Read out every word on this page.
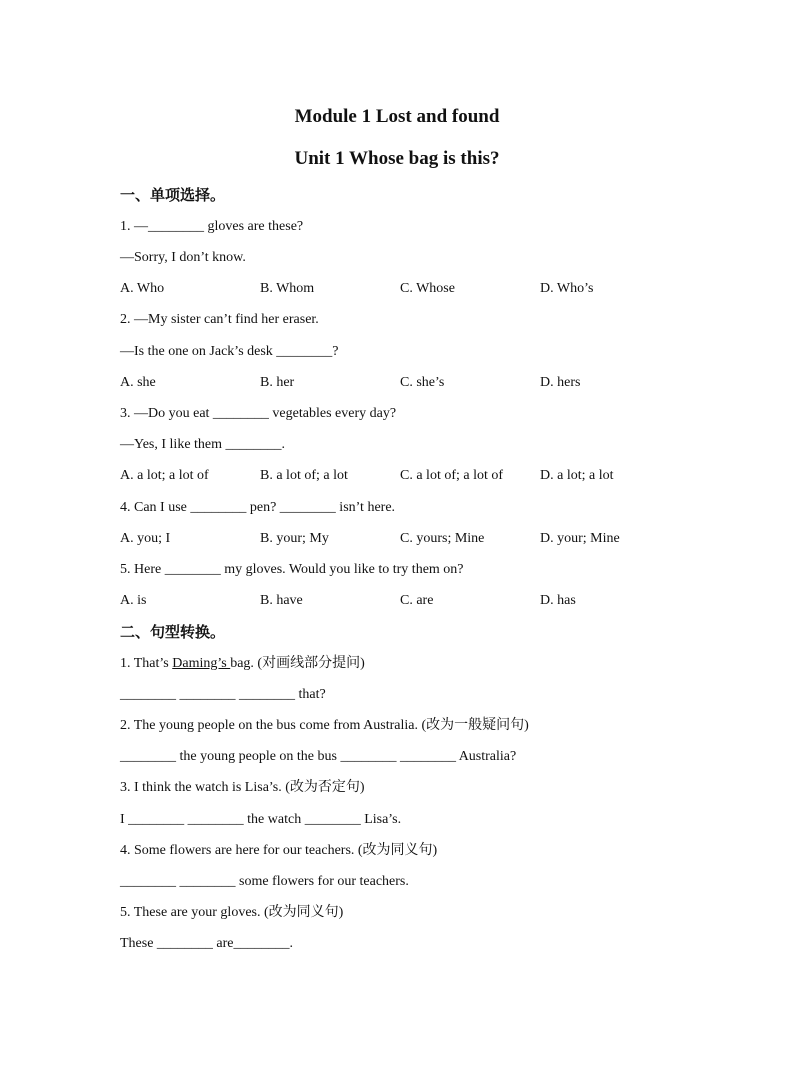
Module 1 Lost and found
Unit 1 Whose bag is this?
一、单项选择。
1. —________ gloves are these?
—Sorry, I don’t know.
A. Who	B. Whom	C. Whose	D. Who’s
2. —My sister can’t find her eraser.
—Is the one on Jack’s desk ________?
A. she	B. her	C. she’s	D. hers
3. —Do you eat ________ vegetables every day?
—Yes, I like them ________.
A. a lot; a lot of	B. a lot of; a lot	C. a lot of; a lot of	D. a lot; a lot
4. Can I use ________ pen? ________ isn’t here.
A. you; I	B. your; My	C. yours; Mine	D. your; Mine
5. Here ________ my gloves. Would you like to try them on?
A. is	B. have	C. are	D. has
二、句型转换。
1. That’s Daming’s bag. (对画线部分提问)
________ ________ ________ that?
2. The young people on the bus come from Australia. (改为一般疑问句)
________ the young people on the bus ________ ________ Australia?
3. I think the watch is Lisa’s. (改为否定句)
I ________ ________ the watch ________ Lisa’s.
4. Some flowers are here for our teachers. (改为同义句)
________ ________ some flowers for our teachers.
5. These are your gloves. (改为同义句)
These ________ are________.
